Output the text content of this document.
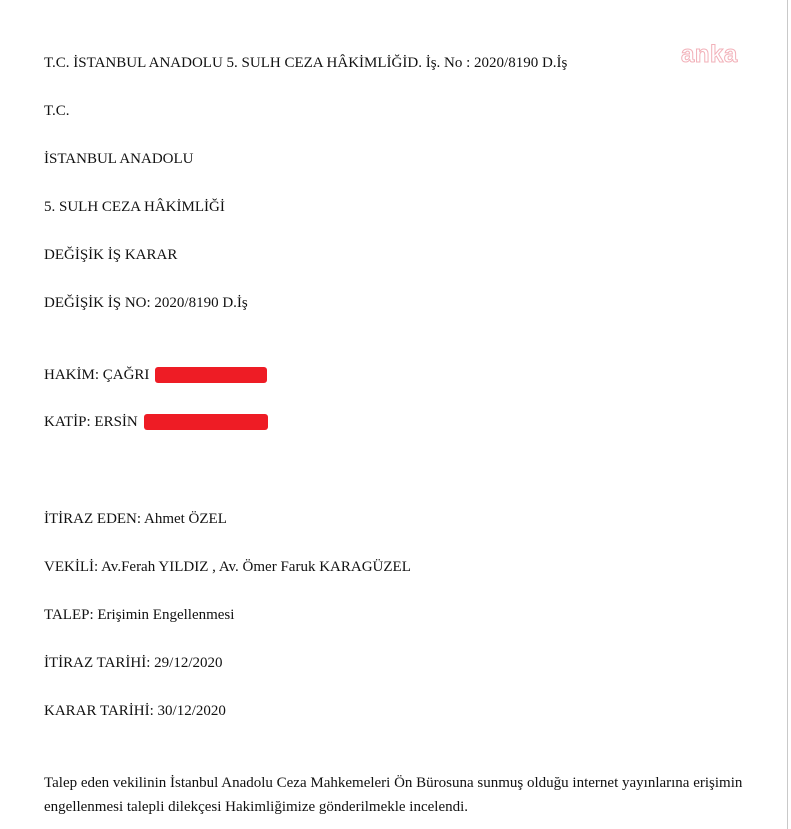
anka
T.C. İSTANBUL ANADOLU 5. SULH CEZA HÂKİMLİĞİD. İş. No : 2020/8190 D.İş
T.C.
İSTANBUL ANADOLU
5. SULH CEZA HÂKİMLİĞİ
DEĞİŞİK İŞ KARAR
DEĞİŞİK İŞ NO: 2020/8190 D.İş
HAKİM: ÇAĞRI
KATİP: ERSİN
İTİRAZ EDEN: Ahmet ÖZEL
VEKİLİ: Av.Ferah YILDIZ , Av. Ömer Faruk KARAGÜZEL
TALEP: Erişimin Engellenmesi
İTİRAZ TARİHİ: 29/12/2020
KARAR TARİHİ: 30/12/2020
Talep eden vekilinin İstanbul Anadolu Ceza Mahkemeleri Ön Bürosuna sunmuş olduğu internet yayınlarına erişimin engellenmesi talepli dilekçesi Hakimliğimize gönderilmekle incelendi.
